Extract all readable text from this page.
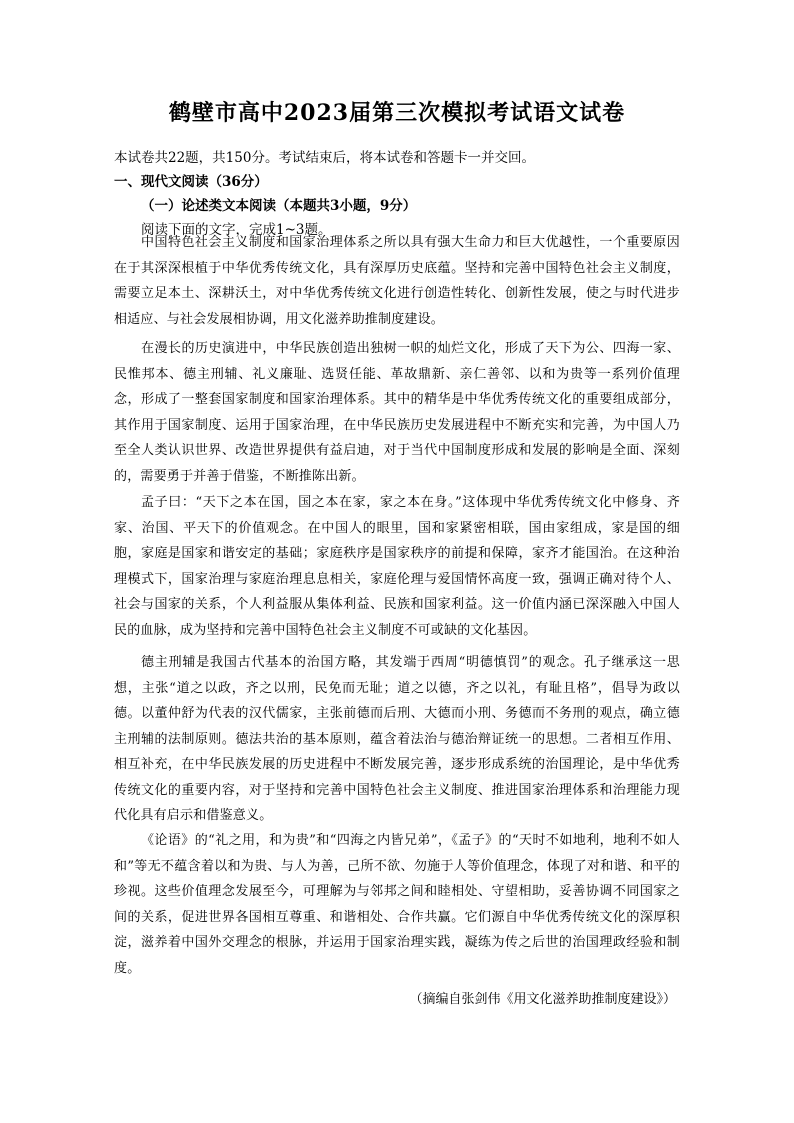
鹤壁市高中2023届第三次模拟考试语文试卷
本试卷共22题，共150分。考试结束后，将本试卷和答题卡一并交回。
一、现代文阅读（36分）
（一）论述类文本阅读（本题共3小题，9分）
阅读下面的文字，完成1~3题。

中国特色社会主义制度和国家治理体系之所以具有强大生命力和巨大优越性，一个重要原因在于其深深根植于中华优秀传统文化，具有深厚历史底蕴。坚持和完善中国特色社会主义制度，需要立足本土、深耕沃土，对中华优秀传统文化进行创造性转化、创新性发展，使之与时代进步相适应、与社会发展相协调，用文化滋养助推制度建设。

在漫长的历史演进中，中华民族创造出独树一帜的灿烂文化，形成了天下为公、四海一家、民惟邦本、德主刑辅、礼义廉耻、选贤任能、革故鼎新、亲仁善邻、以和为贵等一系列价值理念，形成了一整套国家制度和国家治理体系。其中的精华是中华优秀传统文化的重要组成部分，其作用于国家制度、运用于国家治理，在中华民族历史发展进程中不断充实和完善，为中国人乃至全人类认识世界、改造世界提供有益启迪，对于当代中国制度形成和发展的影响是全面、深刻的，需要勇于并善于借鉴，不断推陈出新。

孟子曰：“天下之本在国，国之本在家，家之本在身。”这体现中华优秀传统文化中修身、齐家、治国、平天下的价值观念。在中国人的眼里，国和家紧密相联，国由家组成，家是国的细胞，家庭是国家和谐安定的基础；家庭秩序是国家秩序的前提和保障，家齐才能国治。在这种治理模式下，国家治理与家庭治理息息相关，家庭伦理与爱国情怀高度一致，强调正确对待个人、社会与国家的关系，个人利益服从集体利益、民族和国家利益。这一价值内涵已深深融入中国人民的血脉，成为坚持和完善中国特色社会主义制度不可或缺的文化基因。

德主刑辅是我国古代基本的治国方略，其发端于西周“明德慎罚”的观念。孔子继承这一思想，主张“道之以政，齐之以刑，民免而无耻；道之以德，齐之以礼，有耻且格”，倡导为政以德。以董仲舒为代表的汉代儒家，主张前德而后刑、大德而小刑、务德而不务刑的观点，确立德主刑辅的法制原则。德法共治的基本原则，蕴含着法治与德治辩证统一的思想。二者相互作用、相互补充，在中华民族发展的历史进程中不断发展完善，逐步形成系统的治国理论，是中华优秀传统文化的重要内容，对于坚持和完善中国特色社会主义制度、推进国家治理体系和治理能力现代化具有启示和借鉴意义。

《论语》的“礼之用，和为贵”和“四海之内皆兄弟”，《孟子》的“天时不如地利，地利不如人和”等无不蕴含着以和为贵、与人为善，己所不欲、勿施于人等价值理念，体现了对和谐、和平的珍视。这些价值理念发展至今，可理解为与邻邦之间和睦相处、守望相助，妥善协调不同国家之间的关系，促进世界各国相互尊重、和谐相处、合作共赢。它们源自中华优秀传统文化的深厚积淀，滋养着中国外交理念的根脉，并运用于国家治理实践，凝练为传之后世的治国理政经验和制度。

（摘编自张剑伟《用文化滋养助推制度建设》）
